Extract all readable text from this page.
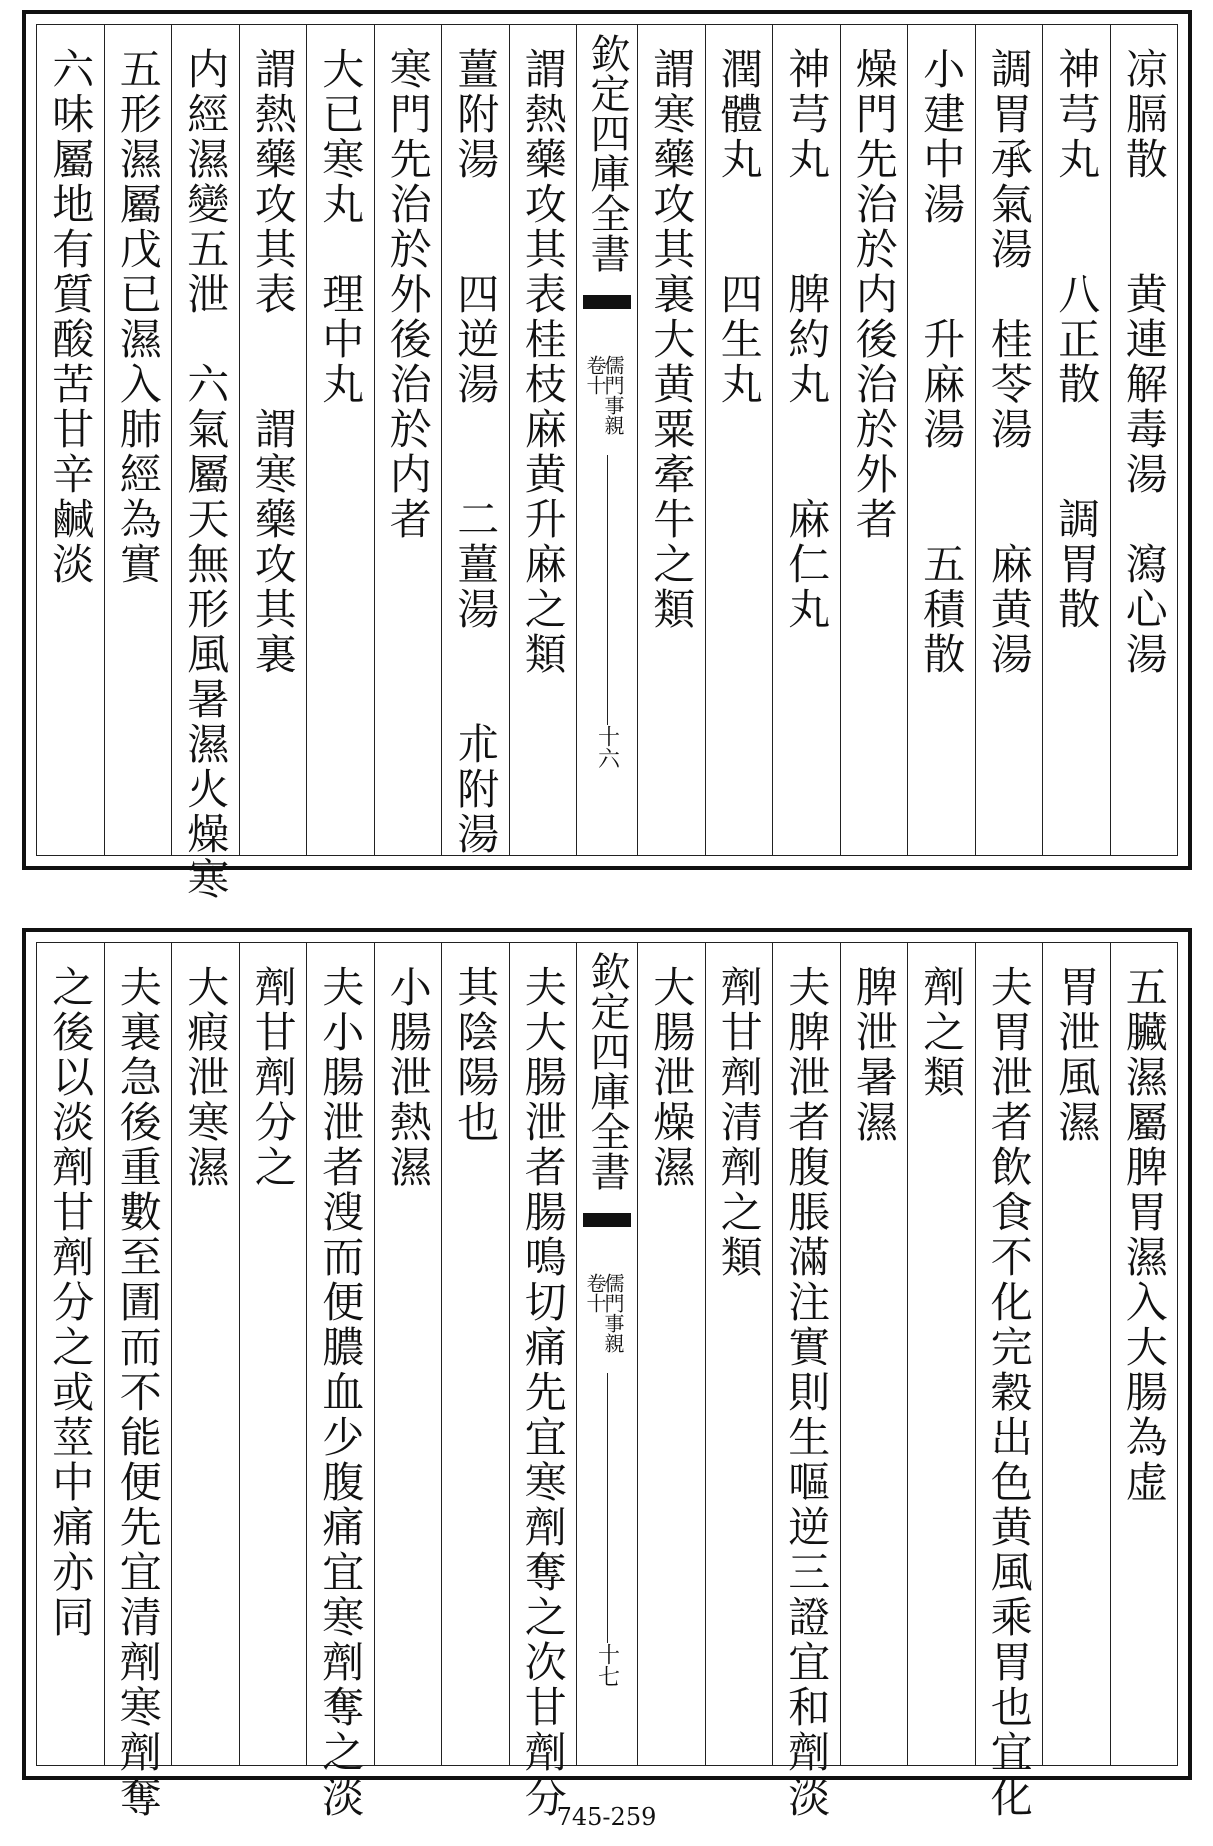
凉膈散　　黄連解毒湯　瀉心湯
神芎丸　　八正散　　調胃散
調胃承氣湯　桂苓湯　　麻黄湯
小建中湯　　升麻湯　　五積散
燥門先治於内後治於外者
神芎丸　　脾約丸　　麻仁丸
潤體丸　　四生丸
謂寒藥攻其裏大黄粟牽牛之類
欽定四庫全書
儒門事親
卷十
十六
謂熱藥攻其表桂枝麻黄升麻之類
薑附湯　　四逆湯　　二薑湯　　朮附湯
寒門先治於外後治於内者
大已寒丸　理中丸
謂熱藥攻其表　　謂寒藥攻其裏
内經濕變五泄　六氣屬天無形風暑濕火燥寒
五形濕屬戊已濕入肺經為實
六味屬地有質酸苦甘辛鹹淡
五臟濕屬脾胃濕入大腸為虚
胃泄風濕
夫胃泄者飲食不化完穀出色黄風乘胃也宜化
劑之類
脾泄暑濕
夫脾泄者腹脹滿注實則生嘔逆三證宜和劑淡
劑甘劑清劑之類
大腸泄燥濕
欽定四庫全書
儒門事親
卷十
十七
夫大腸泄者腸鳴切痛先宜寒劑奪之次甘劑分
其陰陽也
小腸泄熱濕
夫小腸泄者溲而便膿血少腹痛宜寒劑奪之淡
劑甘劑分之
大瘕泄寒濕
夫裏急後重數至圊而不能便先宜清劑寒劑奪
之後以淡劑甘劑分之或莖中痛亦同
745-259
